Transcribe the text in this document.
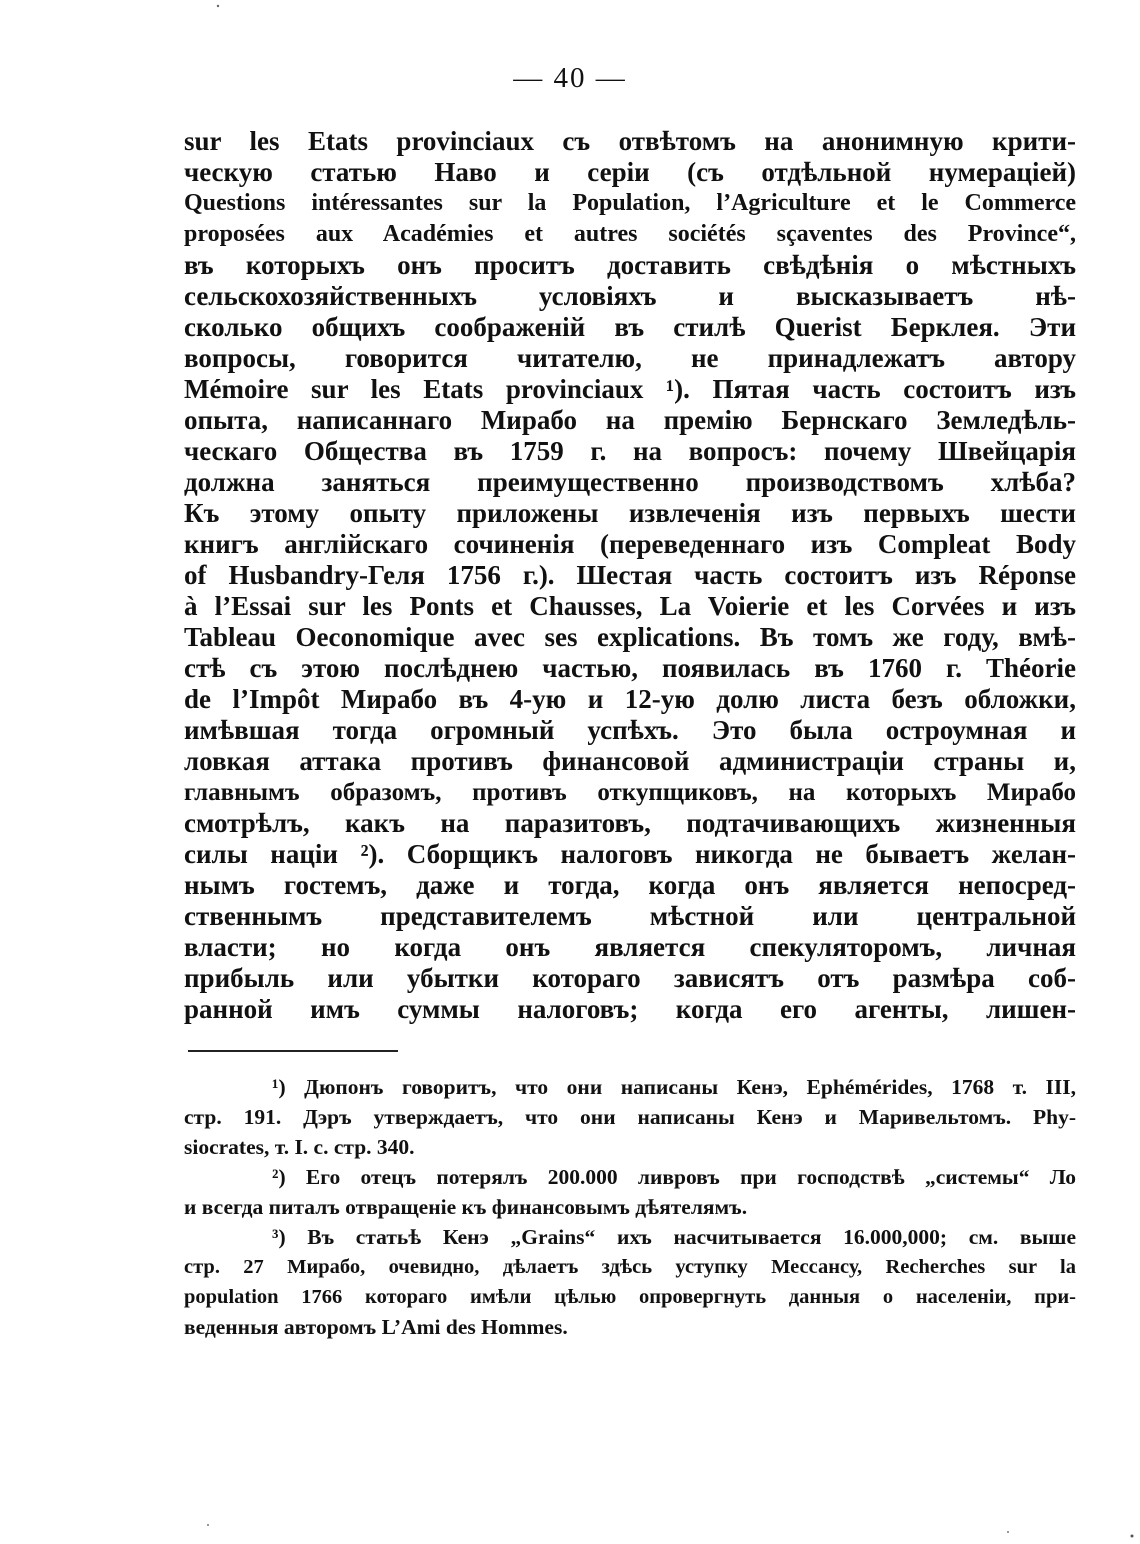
— 40 —
sur les Etats provinciaux съ отвѣтомъ на анонимную крити-
ческую статью Наво и серіи (съ отдѣльной нумераціей)
Questions intéressantes sur la Population, l’Agriculture et le Commerce
proposées aux Académies et autres sociétés sçaventes des Province“,
въ которыхъ онъ проситъ доставить свѣдѣнія о мѣстныхъ
сельскохозяйственныхъ условіяхъ и высказываетъ нѣ-
сколько общихъ соображеній въ стилѣ Querist Берклея. Эти
вопросы, говорится читателю, не принадлежатъ автору
Mémoire sur les Etats provinciaux ¹). Пятая часть состоитъ изъ
опыта, написаннаго Мирабо на премію Бернскаго Земледѣль-
ческаго Общества въ 1759 г. на вопросъ: почему Швейцарія
должна заняться преимущественно производствомъ хлѣба?
Къ этому опыту приложены извлеченія изъ первыхъ шести
книгъ англійскаго сочиненія (переведеннаго изъ Compleat Body
of Husbandry-Геля 1756 г.). Шестая часть состоитъ изъ Réponse
à l’Essai sur les Ponts et Chausses, La Voierie et les Corvées и изъ
Tableau Oeconomique avec ses explications. Въ томъ же году, вмѣ-
стѣ съ этою послѣднею частью, появилась въ 1760 г. Théorie
de l’Impôt Мирабо въ 4-ую и 12-ую долю листа безъ обложки,
имѣвшая тогда огромный успѣхъ. Это была остроумная и
ловкая аттака противъ финансовой администраціи страны и,
главнымъ образомъ, противъ откупщиковъ, на которыхъ Мирабо
смотрѣлъ, какъ на паразитовъ, подтачивающихъ жизненныя
силы націи ²). Сборщикъ налоговъ никогда не бываетъ желан-
нымъ гостемъ, даже и тогда, когда онъ является непосред-
ственнымъ представителемъ мѣстной или центральной
власти; но когда онъ является спекуляторомъ, личная
прибыль или убытки котораго зависятъ отъ размѣра соб-
ранной имъ суммы налоговъ; когда его агенты, лишен-
¹) Дюпонъ говоритъ, что они написаны Кенэ, Ephémérides, 1768 т. III,
стр. 191. Дэръ утверждаетъ, что они написаны Кенэ и Маривельтомъ. Phy-
siocrates, т. I. с. стр. 340.
²) Его отецъ потерялъ 200.000 ливровъ при господствѣ „системы“ Ло
и всегда питалъ отвращеніе къ финансовымъ дѣятелямъ.
³) Въ статьѣ Кенэ „Grains“ ихъ насчитывается 16.000,000; см. выше
стр. 27 Мирабо, очевидно, дѣлаетъ здѣсь уступку Мессансу, Recherches sur la
population 1766 котораго имѣли цѣлью опровергнуть данныя о населеніи, при-
веденныя авторомъ L’Ami des Hommes.
